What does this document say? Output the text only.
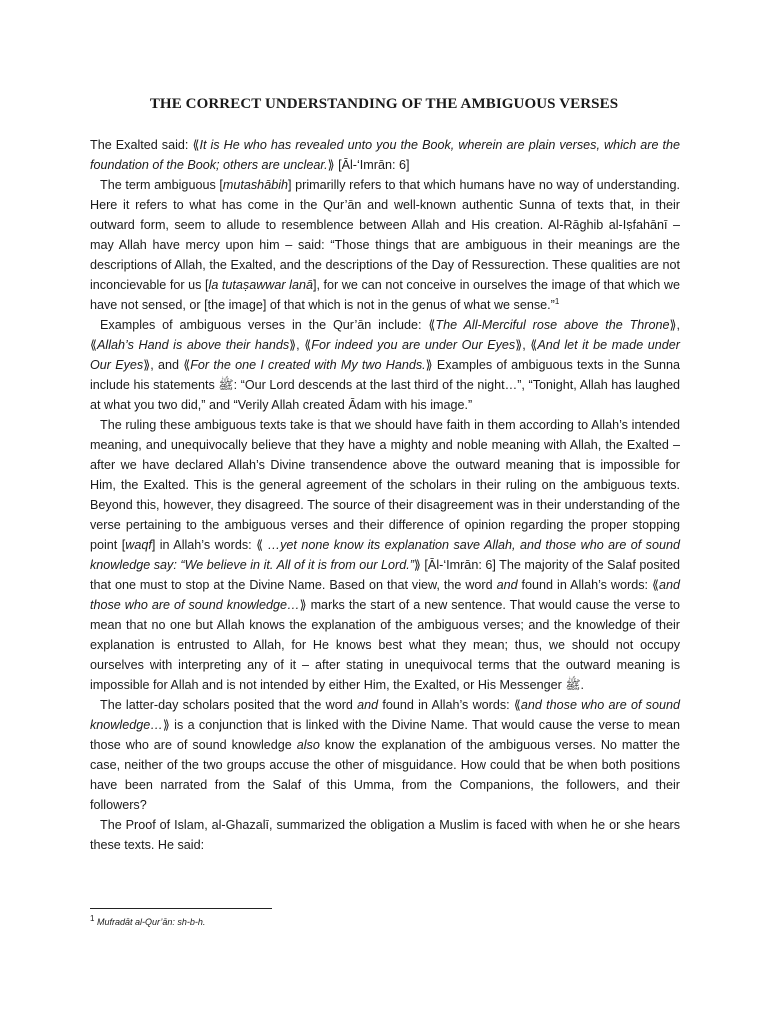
THE CORRECT UNDERSTANDING OF THE AMBIGUOUS VERSES

The Exalted said: ⟪It is He who has revealed unto you the Book, wherein are plain verses, which are the foundation of the Book; others are unclear.⟫ [Āl-‘Imrān: 6]

The term ambiguous [mutashābih] primarilly refers to that which humans have no way of understanding. Here it refers to what has come in the Qur’ān and well-known authentic Sunna of texts that, in their outward form, seem to allude to resemblence between Allah and His creation. Al-Rāghib al-Iṣfahānī – may Allah have mercy upon him – said: “Those things that are ambiguous in their meanings are the descriptions of Allah, the Exalted, and the descriptions of the Day of Ressurection. These qualities are not inconcievable for us [la tutaṣawwar lanā], for we can not conceive in ourselves the image of that which we have not sensed, or [the image] of that which is not in the genus of what we sense.”$^1$

Examples of ambiguous verses in the Qur’ān include: ⟪The All-Merciful rose above the Throne⟫, ⟪Allah’s Hand is above their hands⟫, ⟪For indeed you are under Our Eyes⟫, ⟪And let it be made under Our Eyes⟫, and ⟪For the one I created with My two Hands.⟫ Examples of ambiguous texts in the Sunna include his statements ﷺ: “Our Lord descends at the last third of the night…”, “Tonight, Allah has laughed at what you two did,” and “Verily Allah created Ādam with his image.”

The ruling these ambiguous texts take is that we should have faith in them according to Allah’s intended meaning, and unequivocally believe that they have a mighty and noble meaning with Allah, the Exalted – after we have declared Allah’s Divine transendence above the outward meaning that is impossible for Him, the Exalted. This is the general agreement of the scholars in their ruling on the ambiguous texts. Beyond this, however, they disagreed. The source of their disagreement was in their understanding of the verse pertaining to the ambiguous verses and their difference of opinion regarding the proper stopping point [waqf] in Allah’s words: ⟪ …yet none know its explanation save Allah, and those who are of sound knowledge say: “We believe in it. All of it is from our Lord.”⟫ [Āl-‘Imrān: 6] The majority of the Salaf posited that one must to stop at the Divine Name. Based on that view, the word and found in Allah’s words: ⟪and those who are of sound knowledge…⟫ marks the start of a new sentence. That would cause the verse to mean that no one but Allah knows the explanation of the ambiguous verses; and the knowledge of their explanation is entrusted to Allah, for He knows best what they mean; thus, we should not occupy ourselves with interpreting any of it – after stating in unequivocal terms that the outward meaning is impossible for Allah and is not intended by either Him, the Exalted, or His Messenger ﷺ.

The latter-day scholars posited that the word and found in Allah’s words: ⟪and those who are of sound knowledge…⟫ is a conjunction that is linked with the Divine Name. That would cause the verse to mean those who are of sound knowledge also know the explanation of the ambiguous verses. No matter the case, neither of the two groups accuse the other of misguidance. How could that be when both positions have been narrated from the Salaf of this Umma, from the Companions, the followers, and their followers?

The Proof of Islam, al-Ghazalī, summarized the obligation a Muslim is faced with when he or she hears these texts. He said:

$^1$ Mufradāt al-Qur’ān: sh-b-h.
